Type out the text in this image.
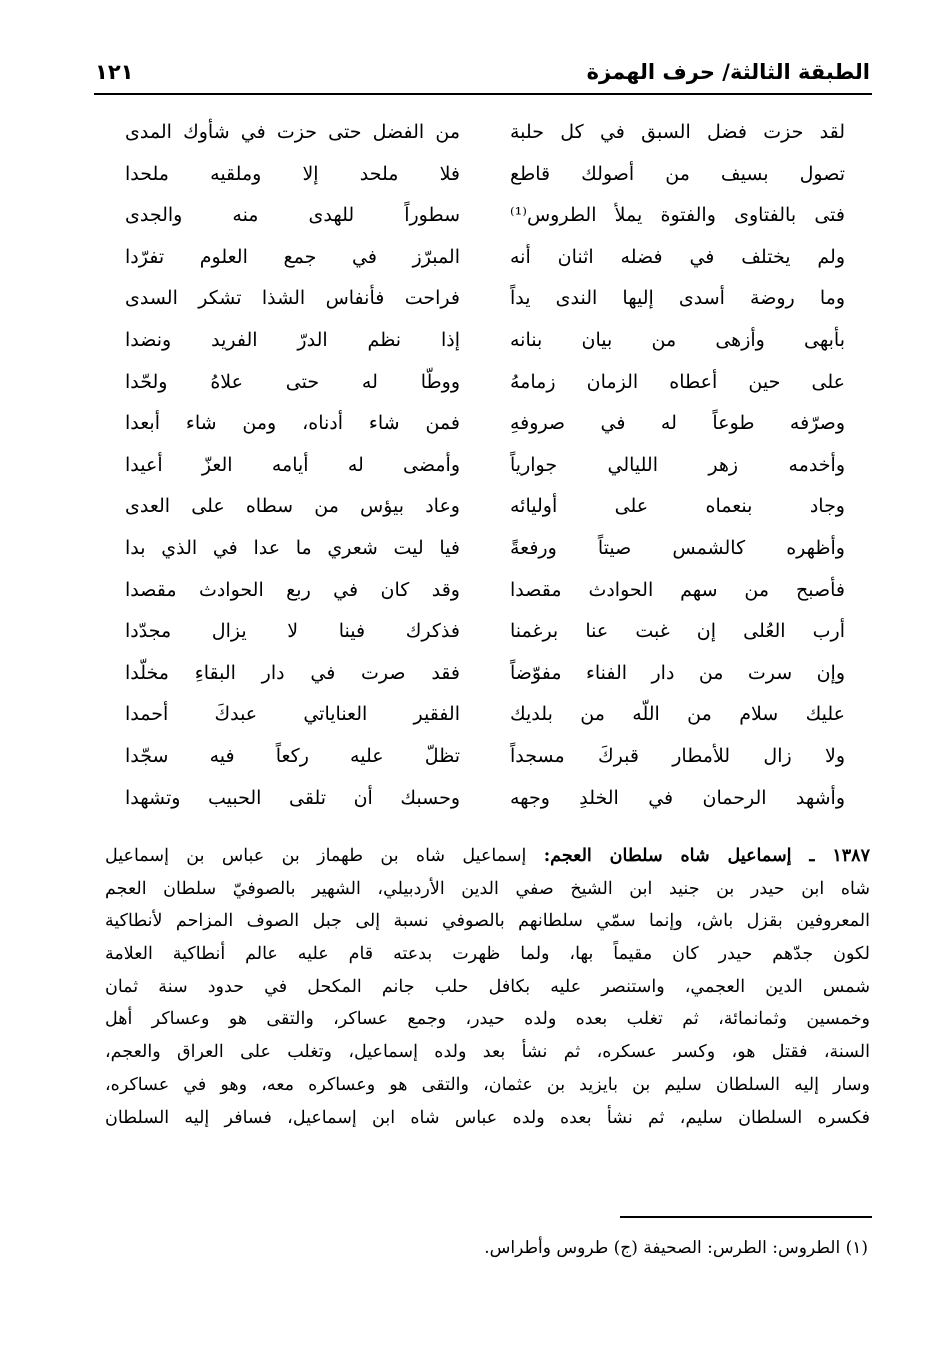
الطبقة الثالثة/ حرف الهمزة
١٢١
لقد حزت فضل السبق في كل حلبة
من الفضل حتى حزت في شأوك المدى
تصول بسيف من أصولك قاطع
فلا ملحد إلا وملقيه ملحدا
فتى بالفتاوى والفتوة يملأ الطروس⁽¹⁾
سطوراً للهدى منه والجدى
ولم يختلف في فضله اثنان أنه
المبرّز في جمع العلوم تفرّدا
وما روضة أسدى إليها الندى يداً
فراحت فأنفاس الشذا تشكر السدى
بأبهى وأزهى من بيان بنانه
إذا نظم الدرّ الفريد ونضدا
على حين أعطاه الزمان زمامهُ
ووطّا له حتى علاهُ ولحّدا
وصرّفه طوعاً له في صروفهِ
فمن شاء أدناه، ومن شاء أبعدا
وأخدمه زهر الليالي جوارياً
وأمضى له أيامه العزّ أعيدا
وجاد بنعماه على أوليائه
وعاد بيؤس من سطاه على العدى
وأظهره كالشمس صيتاً ورفعةً
فيا ليت شعري ما عدا في الذي بدا
فأصبح من سهم الحوادث مقصدا
وقد كان في ربع الحوادث مقصدا
أرب العُلى إن غبت عنا برغمنا
فذكرك فينا لا يزال مجدّدا
وإن سرت من دار الفناء مفوّضاً
فقد صرت في دار البقاءِ مخلّدا
عليك سلام من اللّه من بلديك
الفقير العناياتي عبدكَ أحمدا
ولا زال للأمطار قبركَ مسجداً
تظلّ عليه ركعاً فيه سجّدا
وأشهد الرحمان في الخلدِ وجهه
وحسبك أن تلقى الحبيب وتشهدا
١٣٨٧ ـ إسماعيل شاه سلطان العجم: إسماعيل شاه بن طهماز بن عباس بن إسماعيل
شاه ابن حيدر بن جنيد ابن الشيخ صفي الدين الأردبيلي، الشهير بالصوفيّ سلطان العجم
المعروفين بقزل باش، وإنما سمّي سلطانهم بالصوفي نسبة إلى جبل الصوف المزاحم لأنطاكية
لكون جدّهم حيدر كان مقيماً بها، ولما ظهرت بدعته قام عليه عالم أنطاكية العلامة
شمس الدين العجمي، واستنصر عليه بكافل حلب جانم المكحل في حدود سنة ثمان
وخمسين وثمانمائة، ثم تغلب بعده ولده حيدر، وجمع عساكر، والتقى هو وعساكر أهل
السنة، فقتل هو، وكسر عسكره، ثم نشأ بعد ولده إسماعيل، وتغلب على العراق والعجم،
وسار إليه السلطان سليم بن بايزيد بن عثمان، والتقى هو وعساكره معه، وهو في عساكره،
فكسره السلطان سليم، ثم نشأ بعده ولده عباس شاه ابن إسماعيل، فسافر إليه السلطان
(١) الطروس: الطرس: الصحيفة (ج) طروس وأطراس.
